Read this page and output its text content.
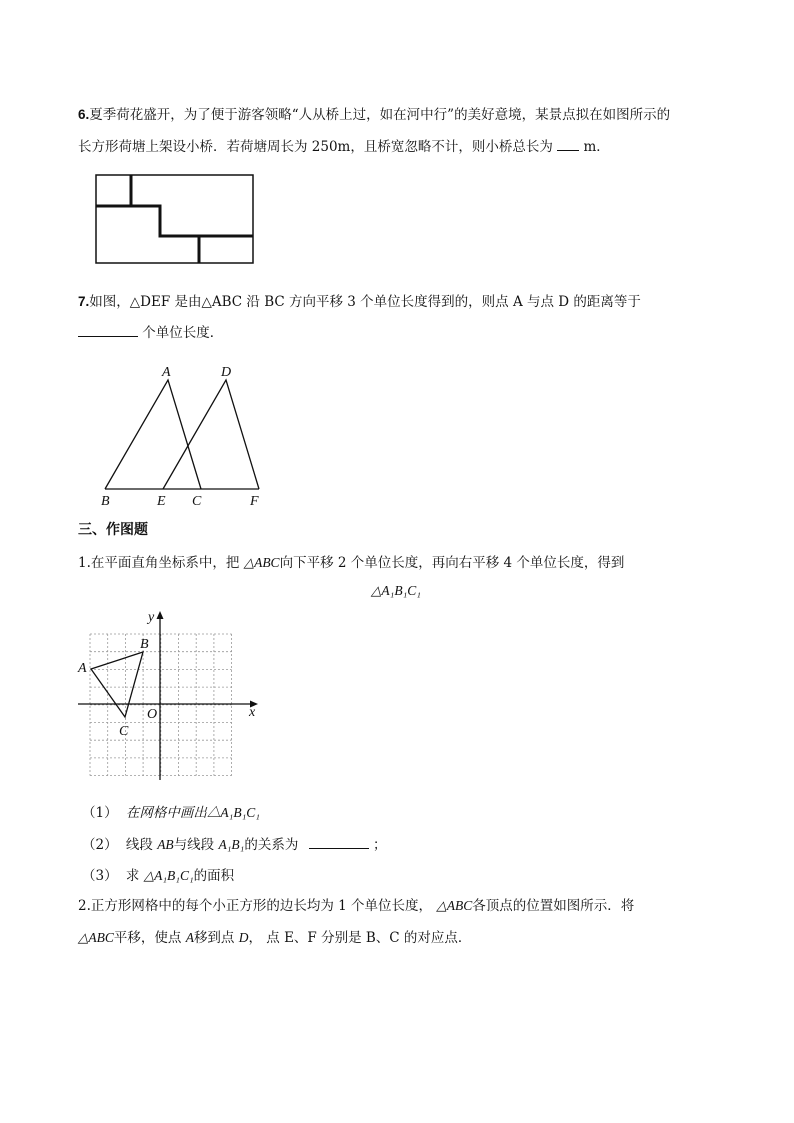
6.夏季荷花盛开，为了便于游客领略“人从桥上过，如在河中行”的美好意境，某景点拟在如图所示的
长方形荷塘上架设小桥．若荷塘周长为 250m，且桥宽忽略不计，则小桥总长为 m．
7.如图，△DEF 是由△ABC 沿 BC 方向平移 3 个单位长度得到的，则点 A 与点 D 的距离等于
个单位长度．
A	D
B	E C	F
三、作图题
1.在平面直角坐标系中，把 △ABC向下平移 2 个单位长度，再向右平移 4 个单位长度，得到
△A₁B₁C₁
y
x
O
A
B
C
（1） 在网格中画出△A₁B₁C₁
（2） 线段 AB与线段 A₁B₁的关系为	；
（3） 求 △A₁B₁C₁的面积
2.正方形网格中的每个小正方形的边长均为 1 个单位长度， △ABC各顶点的位置如图所示．将
△ABC平移，使点 A移到点 D， 点 E、F 分别是 B、C 的对应点．
